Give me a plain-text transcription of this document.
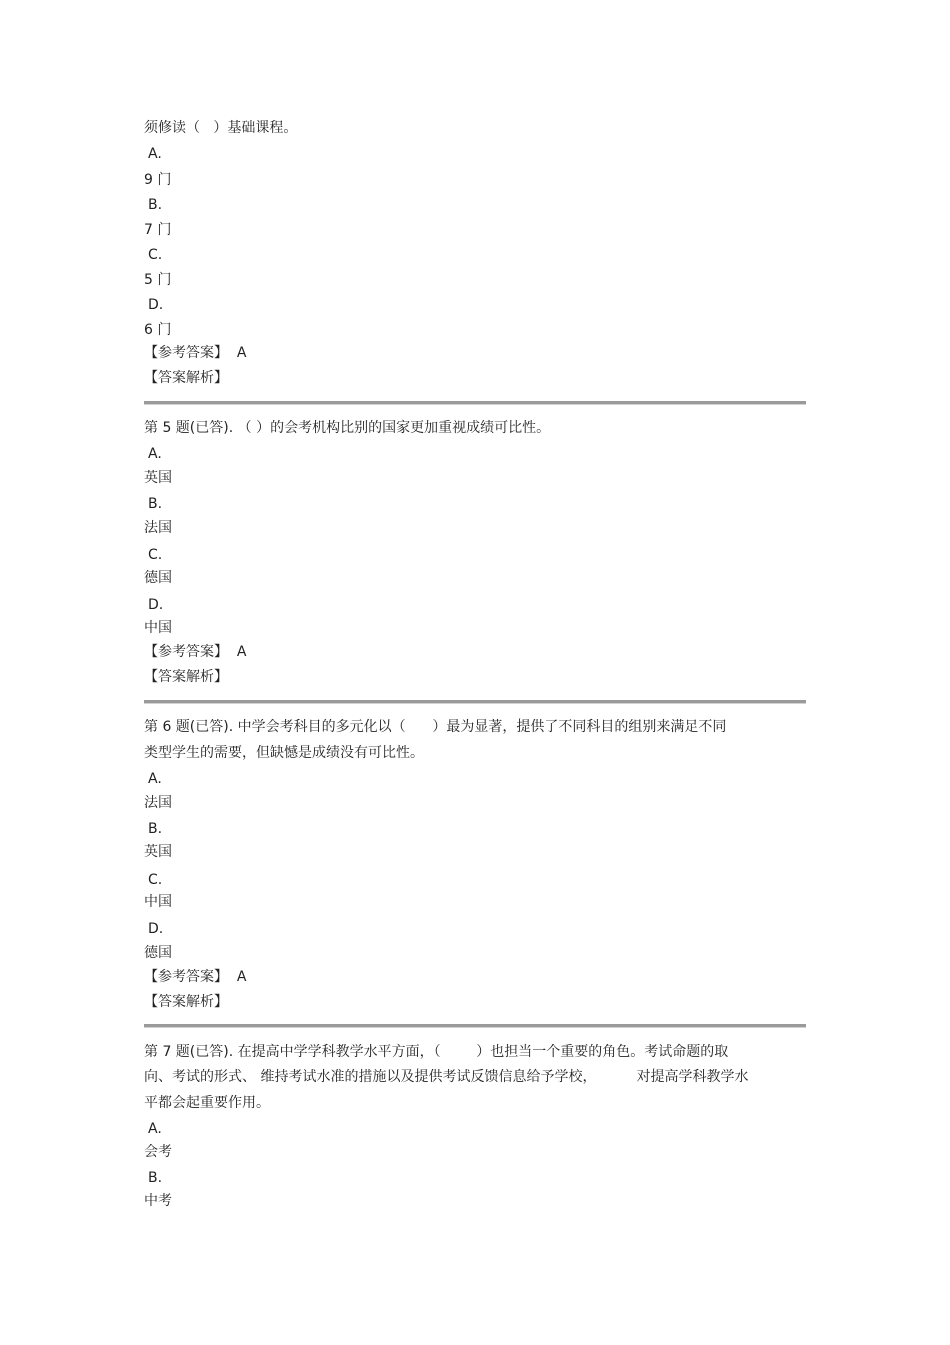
须修读（   ）基础课程。
A.
9 门
B.
7 门
C.
5 门
D.
6 门
【参考答案】 A
【答案解析】
第 5 题(已答). （ ）的会考机构比别的国家更加重视成绩可比性。
A.
英国
B.
法国
C.
德国
D.
中国
【参考答案】 A
【答案解析】
第 6 题(已答). 中学会考科目的多元化以（      ）最为显著，提供了不同科目的组别来满足不同
类型学生的需要，但缺憾是成绩没有可比性。
A.
法国
B.
英国
C.
中国
D.
德国
【参考答案】 A
【答案解析】
第 7 题(已答). 在提高中学学科教学水平方面，（        ）也担当一个重要的角色。考试命题的取
向、考试的形式、 维持考试水准的措施以及提供考试反馈信息给予学校，         对提高学科教学水
平都会起重要作用。
A.
会考
B.
中考
